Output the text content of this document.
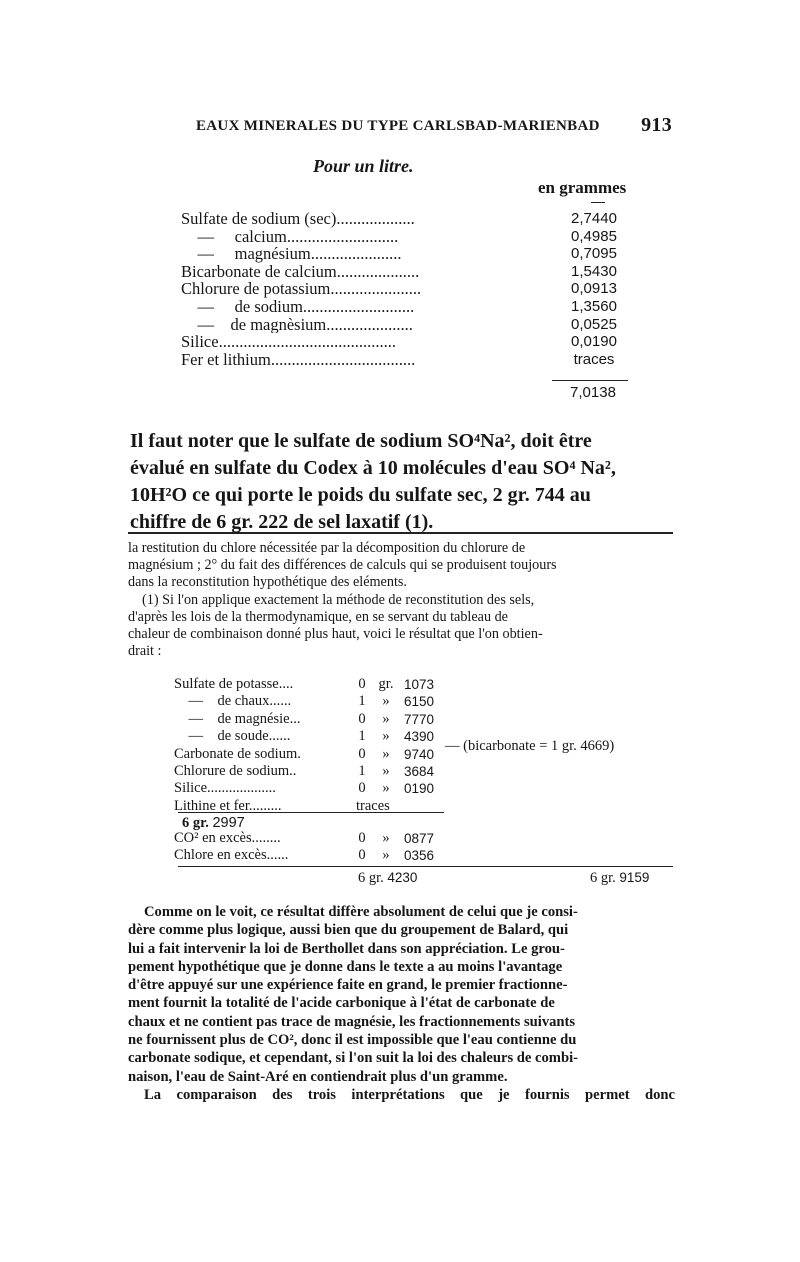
EAUX MINERALES DU TYPE CARLSBAD-MARIENBAD 913
Pour un litre.
en grammes
Sulfate de sodium (sec)...................	2,7440
—     calcium...........................	0,4985
—     magnésium......................	0,7095
Bicarbonate de calcium....................	1,5430
Chlorure de potassium......................	0,0913
—     de sodium...........................	1,3560
—    de magnèsium.....................	0,0525
Silice...........................................	0,0190
Fer et lithium...................................	traces
7,0138
Il faut noter que le sulfate de sodium SO⁴Na², doit être
évalué en sulfate du Codex à 10 molécules d'eau SO⁴ Na²,
10H²O ce qui porte le poids du sulfate sec, 2 gr. 744 au
chiffre de 6 gr. 222 de sel laxatif (1).
la restitution du chlore nécessitée par la décomposition du chlorure de
magnésium ; 2° du fait des différences de calculs qui se produisent toujours
dans la reconstitution hypothétique des eléments.
(1) Si l'on applique exactement la méthode de reconstitution des sels,
d'après les lois de la thermodynamique, en se servant du tableau de
chaleur de combinaison donné plus haut, voici le résultat que l'on obtien-
drait :
Sulfate de potasse....	0 gr. 1073
—    de chaux......	1	»	6150
—    de magnésie...	0	»	7770
—    de soude......	1	»	4390
Carbonate de sodium.	0	»	9740
Chlorure de sodium..	1	»	3684
Silice...................	0	»	0190
Lithine et fer.........	traces
— (bicarbonate = 1 gr. 4669)
6 gr. 2997
CO² en excès........	0	»	0877
Chlore en excès......	0	»	0356
6 gr. 4230	6 gr. 9159
Comme on le voit, ce résultat diffère absolument de celui que je consi-
dère comme plus logique, aussi bien que du groupement de Balard, qui
lui a fait intervenir la loi de Berthollet dans son appréciation. Le grou-
pement hypothétique que je donne dans le texte a au moins l'avantage
d'être appuyé sur une expérience faite en grand, le premier fractionne-
ment fournit la totalité de l'acide carbonique à l'état de carbonate de
chaux et ne contient pas trace de magnésie, les fractionnements suivants
ne fournissent plus de CO², donc il est impossible que l'eau contienne du
carbonate sodique, et cependant, si l'on suit la loi des chaleurs de combi-
naison, l'eau de Saint-Aré en contiendrait plus d'un gramme.
La comparaison des trois interprétations que je fournis permet donc
